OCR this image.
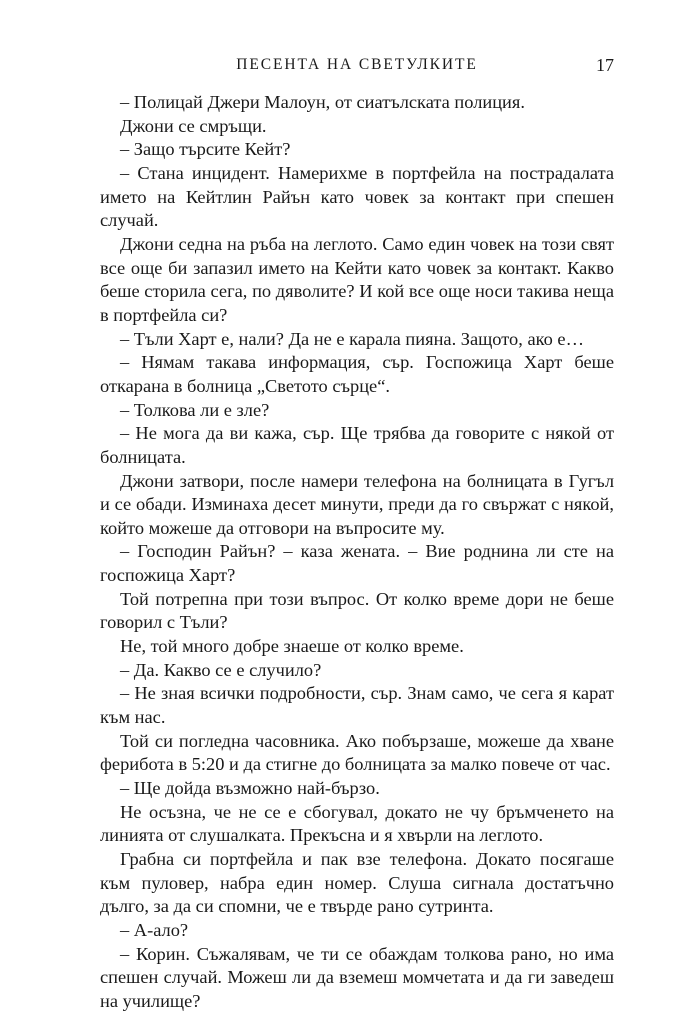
ПЕСЕНТА НА СВЕТУЛКИТЕ	17

– Полицай Джери Малоун, от сиатълската полиция.

Джони се смръщи.

– Защо търсите Кейт?

– Стана инцидент. Намерихме в портфейла на пострадалата името на Кейтлин Райън като човек за контакт при спешен случай.

Джони седна на ръба на леглото. Само един човек на този свят все още би запазил името на Кейти като човек за контакт. Какво беше сторила сега, по дяволите? И кой все още носи такива неща в портфейла си?

– Тъли Харт е, нали? Да не е карала пияна. Защото, ако е…

– Нямам такава информация, сър. Госпожица Харт беше откарана в болница „Светото сърце“.

– Толкова ли е зле?

– Не мога да ви кажа, сър. Ще трябва да говорите с някой от болницата.

Джони затвори, после намери телефона на болницата в Гугъл и се обади. Изминаха десет минути, преди да го свържат с някой, който можеше да отговори на въпросите му.

– Господин Райън? – каза жената. – Вие роднина ли сте на госпожица Харт?

Той потрепна при този въпрос. От колко време дори не беше говорил с Тъли?

Не, той много добре знаеше от колко време.

– Да. Какво се е случило?

– Не зная всички подробности, сър. Знам само, че сега я карат към нас.

Той си погледна часовника. Ако побързаше, можеше да хване ферибота в 5:20 и да стигне до болницата за малко повече от час.

– Ще дойда възможно най-бързо.

Не осъзна, че не се е сбогувал, докато не чу бръмченето на линията от слушалката. Прекъсна и я хвърли на леглото.

Грабна си портфейла и пак взе телефона. Докато посягаше към пуловер, набра един номер. Слуша сигнала достатъчно дълго, за да си спомни, че е твърде рано сутринта.

– А-ало?

– Корин. Съжалявам, че ти се обаждам толкова рано, но има спешен случай. Можеш ли да вземеш момчетата и да ги заведеш на училище?
